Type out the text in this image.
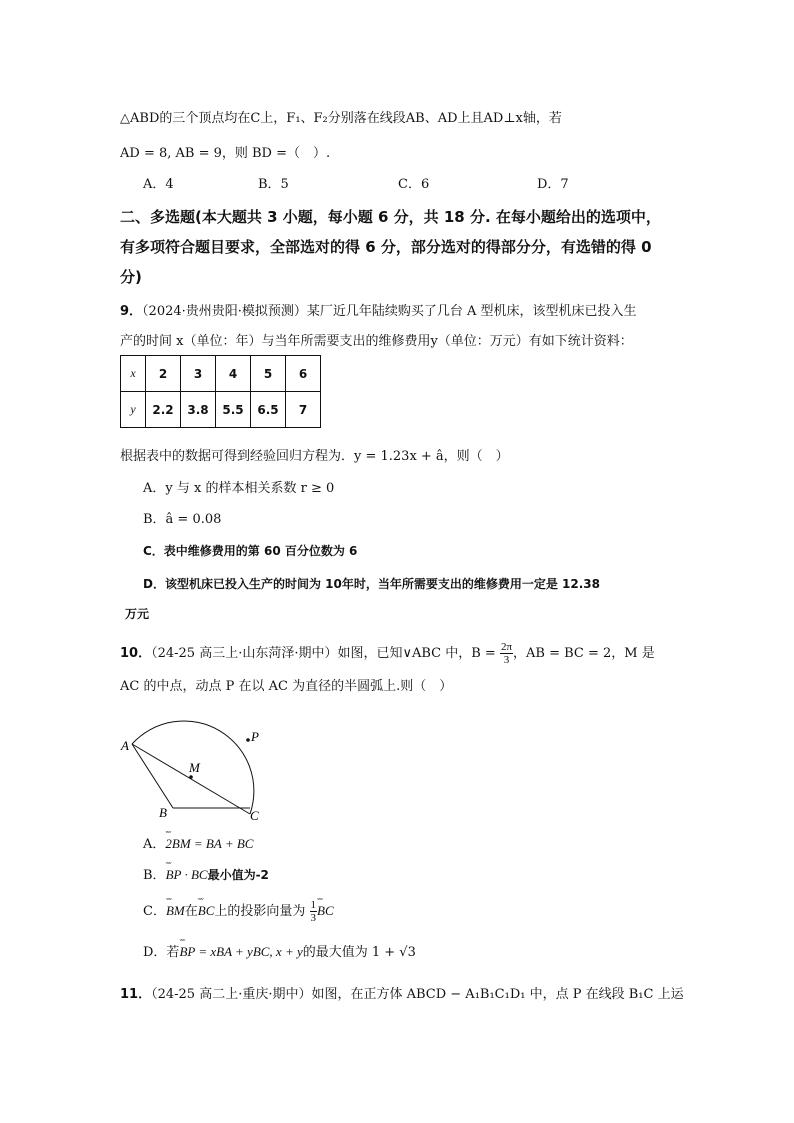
△ABD的三个顶点均在C上，F₁、F₂分别落在线段AB、AD上且AD⊥x轴，若
AD = 8, AB = 9，则 BD =（　）.
A．4	B．5	C．6	D．7
二、多选题(本大题共 3 小题，每小题 6 分，共 18 分. 在每小题给出的选项中，
有多项符合题目要求，全部选对的得 6 分，部分选对的得部分分，有选错的得 0
分)
9．（2024·贵州贵阳·模拟预测）某厂近几年陆续购买了几台 A 型机床，该型机床已投入生
产的时间 x（单位：年）与当年所需要支出的维修费用y（单位：万元）有如下统计资料：
x	2	3	4	5	6
y	2.2	3.8	5.5	6.5	7
根据表中的数据可得到经验回归方程为．y = 1.23x + â，则（　）
A．y 与 x 的样本相关系数 r ≥ 0
B．â = 0.08
C．表中维修费用的第 60 百分位数为 6
D．该型机床已投入生产的时间为 10年时，当年所需要支出的维修费用一定是 12.38
万元
10．（24-25 高三上·山东菏泽·期中）如图，已知∨ABC 中，$B = \frac{2\pi}{3}$ ，AB = BC = 2，M 是
AC 的中点，动点 P 在以 AC 为直径的半圆弧上.则（　）
A
B	C
M
P
A．ˇˇˇ 2BM = BA + BC
B．ˇˇˇ BP · BC最小值为-2
C．ˇˇˇ BM在ˇˇˇ BC上的投影向量为 $\frac{1}{3}$ ˇˇˇ BC
D．若ˇˇˇ BP = xBA + yBC, x + y的最大值为 1 + √3
11．（24-25 高二上·重庆·期中）如图，在正方体 ABCD − A₁B₁C₁D₁ 中，点 P 在线段 B₁C 上运
